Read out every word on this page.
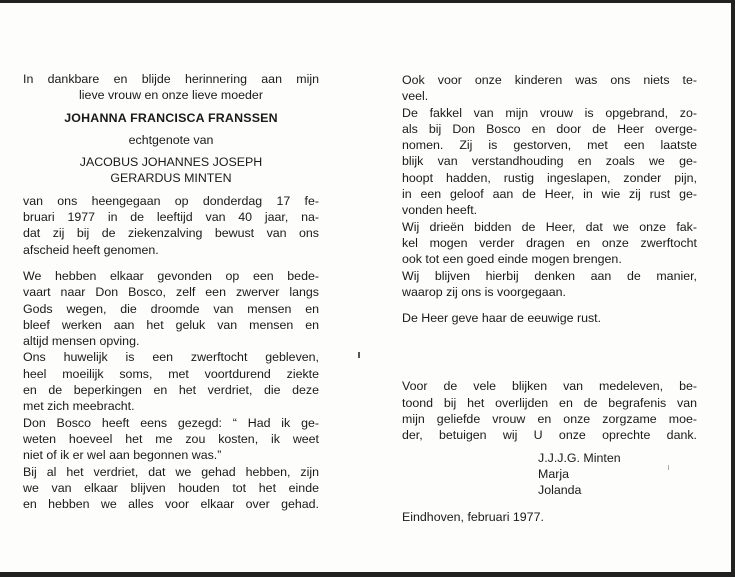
In dankbare en blijde herinnering aan mijn
lieve vrouw en onze lieve moeder
JOHANNA FRANCISCA FRANSSEN
echtgenote van
JACOBUS JOHANNES JOSEPH
GERARDUS MINTEN
van ons heengegaan op donderdag 17 fe-
bruari 1977 in de leeftijd van 40 jaar, na-
dat zij bij de ziekenzalving bewust van ons
afscheid heeft genomen.
We hebben elkaar gevonden op een bede-
vaart naar Don Bosco, zelf een zwerver langs
Gods wegen, die droomde van mensen en
bleef werken aan het geluk van mensen en
altijd mensen opving.
Ons huwelijk is een zwerftocht gebleven,
heel moeilijk soms, met voortdurend ziekte
en de beperkingen en het verdriet, die deze
met zich meebracht.
Don Bosco heeft eens gezegd: “ Had ik ge-
weten hoeveel het me zou kosten, ik weet
niet of ik er wel aan begonnen was.”
Bij al het verdriet, dat we gehad hebben, zijn
we van elkaar blijven houden tot het einde
en hebben we alles voor elkaar over gehad.
Ook voor onze kinderen was ons niets te-
veel.
De fakkel van mijn vrouw is opgebrand, zo-
als bij Don Bosco en door de Heer overge-
nomen. Zij is gestorven, met een laatste
blijk van verstandhouding en zoals we ge-
hoopt hadden, rustig ingeslapen, zonder pijn,
in een geloof aan de Heer, in wie zij rust ge-
vonden heeft.
Wij drieën bidden de Heer, dat we onze fak-
kel mogen verder dragen en onze zwerftocht
ook tot een goed einde mogen brengen.
Wij blijven hierbij denken aan de manier,
waarop zij ons is voorgegaan.
De Heer geve haar de eeuwige rust.
Voor de vele blijken van medeleven, be-
toond bij het overlijden en de begrafenis van
mijn geliefde vrouw en onze zorgzame moe-
der, betuigen wij U onze oprechte dank.
J.J.J.G. Minten
Marja
Jolanda
Eindhoven, februari 1977.
